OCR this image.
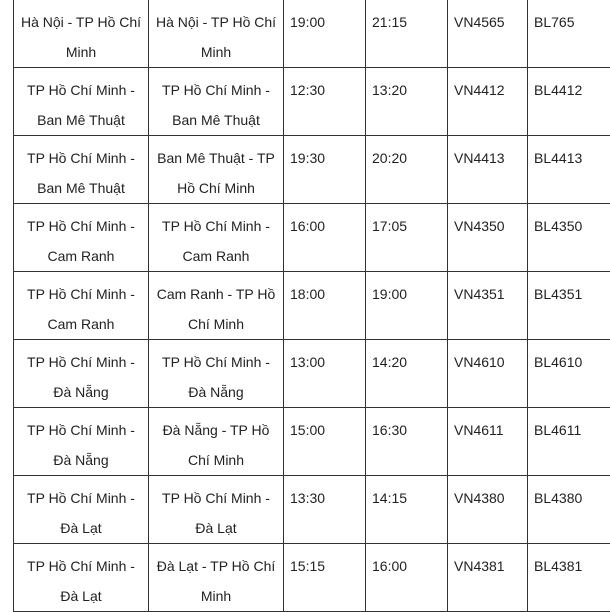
Hà Nội - TP Hồ Chí Minh	Hà Nội - TP Hồ Chí Minh	19:00	21:15	VN4565	BL765
TP Hồ Chí Minh - Ban Mê Thuật	TP Hồ Chí Minh - Ban Mê Thuật	12:30	13:20	VN4412	BL4412
TP Hồ Chí Minh - Ban Mê Thuật	Ban Mê Thuật - TP Hồ Chí Minh	19:30	20:20	VN4413	BL4413
TP Hồ Chí Minh - Cam Ranh	TP Hồ Chí Minh - Cam Ranh	16:00	17:05	VN4350	BL4350
TP Hồ Chí Minh - Cam Ranh	Cam Ranh - TP Hồ Chí Minh	18:00	19:00	VN4351	BL4351
TP Hồ Chí Minh - Đà Nẵng	TP Hồ Chí Minh - Đà Nẵng	13:00	14:20	VN4610	BL4610
TP Hồ Chí Minh - Đà Nẵng	Đà Nẵng - TP Hồ Chí Minh	15:00	16:30	VN4611	BL4611
TP Hồ Chí Minh - Đà Lạt	TP Hồ Chí Minh - Đà Lạt	13:30	14:15	VN4380	BL4380
TP Hồ Chí Minh - Đà Lạt	Đà Lạt - TP Hồ Chí Minh	15:15	16:00	VN4381	BL4381
